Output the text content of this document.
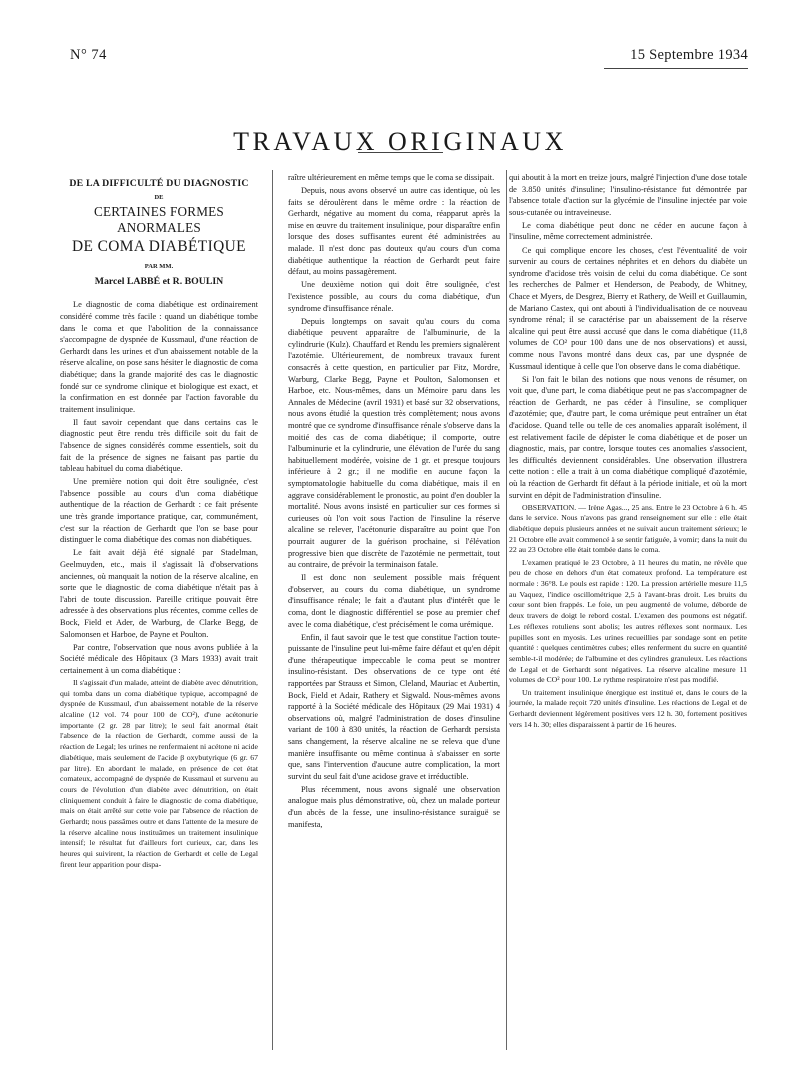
N° 74	15 Septembre 1934
TRAVAUX ORIGINAUX
DE LA DIFFICULTÉ DU DIAGNOSTIC
DE
CERTAINES FORMES ANORMALES
DE COMA DIABÉTIQUE
PAR MM.
Marcel LABBÉ et R. BOULIN

Le diagnostic de coma diabétique est ordinairement considéré comme très facile : quand un diabétique tombe dans le coma et que l'abolition de la connaissance s'accompagne de dyspnée de Kussmaul, d'une réaction de Gerhardt dans les urines et d'un abaissement notable de la réserve alcaline, on pose sans hésiter le diagnostic de coma diabétique; dans la grande majorité des cas le diagnostic fondé sur ce syndrome clinique et biologique est exact, et la confirmation en est donnée par l'action favorable du traitement insulinique.

Il faut savoir cependant que dans certains cas le diagnostic peut être rendu très difficile soit du fait de l'absence de signes considérés comme essentiels, soit du fait de la présence de signes ne faisant pas partie du tableau habituel du coma diabétique.

Une première notion qui doit être soulignée, c'est l'absence possible au cours d'un coma diabétique authentique de la réaction de Gerhardt : ce fait présente une très grande importance pratique, car, communément, c'est sur la réaction de Gerhardt que l'on se base pour distinguer le coma diabétique des comas non diabétiques.

Le fait avait déjà été signalé par Stadelman, Geelmuyden, etc., mais il s'agissait là d'observations anciennes, où manquait la notion de la réserve alcaline, en sorte que le diagnostic de coma diabétique n'était pas à l'abri de toute discussion. Pareille critique pouvait être adressée à des observations plus récentes, comme celles de Bock, Field et Ader, de Warburg, de Clarke Begg, de Salomonsen et Harboe, de Payne et Poulton.

Par contre, l'observation que nous avons publiée à la Société médicale des Hôpitaux (3 Mars 1933) avait trait certainement à un coma diabétique :

Il s'agissait d'un malade, atteint de diabète avec dénutrition, qui tomba dans un coma diabétique typique, accompagné de dyspnée de Kussmaul, d'un abaissement notable de la réserve alcaline (12 vol. 74 pour 100 de CO²), d'une acétonurie importante (2 gr. 28 par litre); le seul fait anormal était l'absence de la réaction de Gerhardt, comme aussi de la réaction de Legal; les urines ne renfermaient ni acétone ni acide diabétique, mais seulement de l'acide β oxybutyrique (6 gr. 67 par litre). En abordant le malade, en présence de cet état comateux, accompagné de dyspnée de Kussmaul et survenu au cours de l'évolution d'un diabète avec dénutrition, on était cliniquement conduit à faire le diagnostic de coma diabétique, mais on était arrêté sur cette voie par l'absence de réaction de Gerhardt; nous passâmes outre et dans l'attente de la mesure de la réserve alcaline nous instituâmes un traitement insulinique intensif; le résultat fut d'ailleurs fort curieux, car, dans les heures qui suivirent, la réaction de Gerhardt et celle de Legal firent leur apparition pour dispa-

raître ultérieurement en même temps que le coma se dissipait.

Depuis, nous avons observé un autre cas identique, où les faits se déroulèrent dans le même ordre : la réaction de Gerhardt, négative au moment du coma, réapparut après la mise en œuvre du traitement insulinique, pour disparaître enfin lorsque des doses suffisantes eurent été administrées au malade. Il n'est donc pas douteux qu'au cours d'un coma diabétique authentique la réaction de Gerhardt peut faire défaut, au moins passagèrement.

Une deuxième notion qui doit être soulignée, c'est l'existence possible, au cours du coma diabétique, d'un syndrome d'insuffisance rénale.

Depuis longtemps on savait qu'au cours du coma diabétique peuvent apparaître de l'albuminurie, de la cylindrurie (Kulz). Chauffard et Rendu les premiers signalèrent l'azotémie. Ultérieurement, de nombreux travaux furent consacrés à cette question, en particulier par Fitz, Mordre, Warburg, Clarke Begg, Payne et Poulton, Salomonsen et Harboe, etc. Nous-mêmes, dans un Mémoire paru dans les Annales de Médecine (avril 1931) et basé sur 32 observations, nous avons étudié la question très complètement; nous avons montré que ce syndrome d'insuffisance rénale s'observe dans la moitié des cas de coma diabétique; il comporte, outre l'albuminurie et la cylindrurie, une élévation de l'urée du sang habituellement modérée, voisine de 1 gr. et presque toujours inférieure à 2 gr.; il ne modifie en aucune façon la symptomatologie habituelle du coma diabétique, mais il en aggrave considérablement le pronostic, au point d'en doubler la mortalité. Nous avons insisté en particulier sur ces formes si curieuses où l'on voit sous l'action de l'insuline la réserve alcaline se relever, l'acétonurie disparaître au point que l'on pourrait augurer de la guérison prochaine, si l'élévation progressive bien que discrète de l'azotémie ne permettait, tout au contraire, de prévoir la terminaison fatale.

Il est donc non seulement possible mais fréquent d'observer, au cours du coma diabétique, un syndrome d'insuffisance rénale; le fait a d'autant plus d'intérêt que le coma, dont le diagnostic différentiel se pose au premier chef avec le coma diabétique, c'est précisément le coma urémique.

Enfin, il faut savoir que le test que constitue l'action toute-puissante de l'insuline peut lui-même faire défaut et qu'en dépit d'une thérapeutique impeccable le coma peut se montrer insulino-résistant. Des observations de ce type ont été rapportées par Strauss et Simon, Cleland, Mauriac et Aubertin, Bock, Field et Adair, Rathery et Sigwald. Nous-mêmes avons rapporté à la Société médicale des Hôpitaux (29 Mai 1931) 4 observations où, malgré l'administration de doses d'insuline variant de 100 à 830 unités, la réaction de Gerhardt persista sans changement, la réserve alcaline ne se releva que d'une manière insuffisante ou même continua à s'abaisser en sorte que, sans l'intervention d'aucune autre complication, la mort survint du seul fait d'une acidose grave et irréductible.

Plus récemment, nous avons signalé une observation analogue mais plus démonstrative, où, chez un malade porteur d'un abcès de la fesse, une insulino-résistance suraiguë se manifesta,

qui aboutit à la mort en treize jours, malgré l'injection d'une dose totale de 3.850 unités d'insuline; l'insulino-résistance fut démontrée par l'absence totale d'action sur la glycémie de l'insuline injectée par voie sous-cutanée ou intraveineuse.

Le coma diabétique peut donc ne céder en aucune façon à l'insuline, même correctement administrée.

Ce qui complique encore les choses, c'est l'éventualité de voir survenir au cours de certaines néphrites et en dehors du diabète un syndrome d'acidose très voisin de celui du coma diabétique. Ce sont les recherches de Palmer et Henderson, de Peabody, de Whitney, Chace et Myers, de Desgrez, Bierry et Rathery, de Weill et Guillaumin, de Mariano Castex, qui ont abouti à l'individualisation de ce nouveau syndrome rénal; il se caractérise par un abaissement de la réserve alcaline qui peut être aussi accusé que dans le coma diabétique (11,8 volumes de CO² pour 100 dans une de nos observations) et aussi, comme nous l'avons montré dans deux cas, par une dyspnée de Kussmaul identique à celle que l'on observe dans le coma diabétique.

Si l'on fait le bilan des notions que nous venons de résumer, on voit que, d'une part, le coma diabétique peut ne pas s'accompagner de réaction de Gerhardt, ne pas céder à l'insuline, se compliquer d'azotémie; que, d'autre part, le coma urémique peut entraîner un état d'acidose. Quand telle ou telle de ces anomalies apparaît isolément, il est relativement facile de dépister le coma diabétique et de poser un diagnostic, mais, par contre, lorsque toutes ces anomalies s'associent, les difficultés deviennent considérables. Une observation illustrera cette notion : elle a trait à un coma diabétique compliqué d'azotémie, où la réaction de Gerhardt fit défaut à la période initiale, et où la mort survint en dépit de l'administration d'insuline.

OBSERVATION. — Irène Agas..., 25 ans. Entre le 23 Octobre à 6 h. 45 dans le service. Nous n'avons pas grand renseignement sur elle : elle était diabétique depuis plusieurs années et ne suivait aucun traitement sérieux; le 21 Octobre elle avait commencé à se sentir fatiguée, à vomir; dans la nuit du 22 au 23 Octobre elle était tombée dans le coma.

L'examen pratiqué le 23 Octobre, à 11 heures du matin, ne révèle que peu de chose en dehors d'un état comateux profond. La température est normale : 36°8. Le pouls est rapide : 120. La pression artérielle mesure 11,5 au Vaquez, l'indice oscillométrique 2,5 à l'avant-bras droit. Les bruits du cœur sont bien frappés. Le foie, un peu augmenté de volume, déborde de deux travers de doigt le rebord costal. L'examen des poumons est négatif. Les réflexes rotuliens sont abolis; les autres réflexes sont normaux. Les pupilles sont en myosis. Les urines recueillies par sondage sont en petite quantité : quelques centimètres cubes; elles renferment du sucre en quantité semble-t-il modérée; de l'albumine et des cylindres granuleux. Les réactions de Legal et de Gerhardt sont négatives. La réserve alcaline mesure 11 volumes de CO² pour 100. Le rythme respiratoire n'est pas modifié.

Un traitement insulinique énergique est institué et, dans le cours de la journée, la malade reçoit 720 unités d'insuline. Les réactions de Legal et de Gerhardt deviennent légèrement positives vers 12 h. 30, fortement positives vers 14 h. 30; elles disparaissent à partir de 16 heures.
